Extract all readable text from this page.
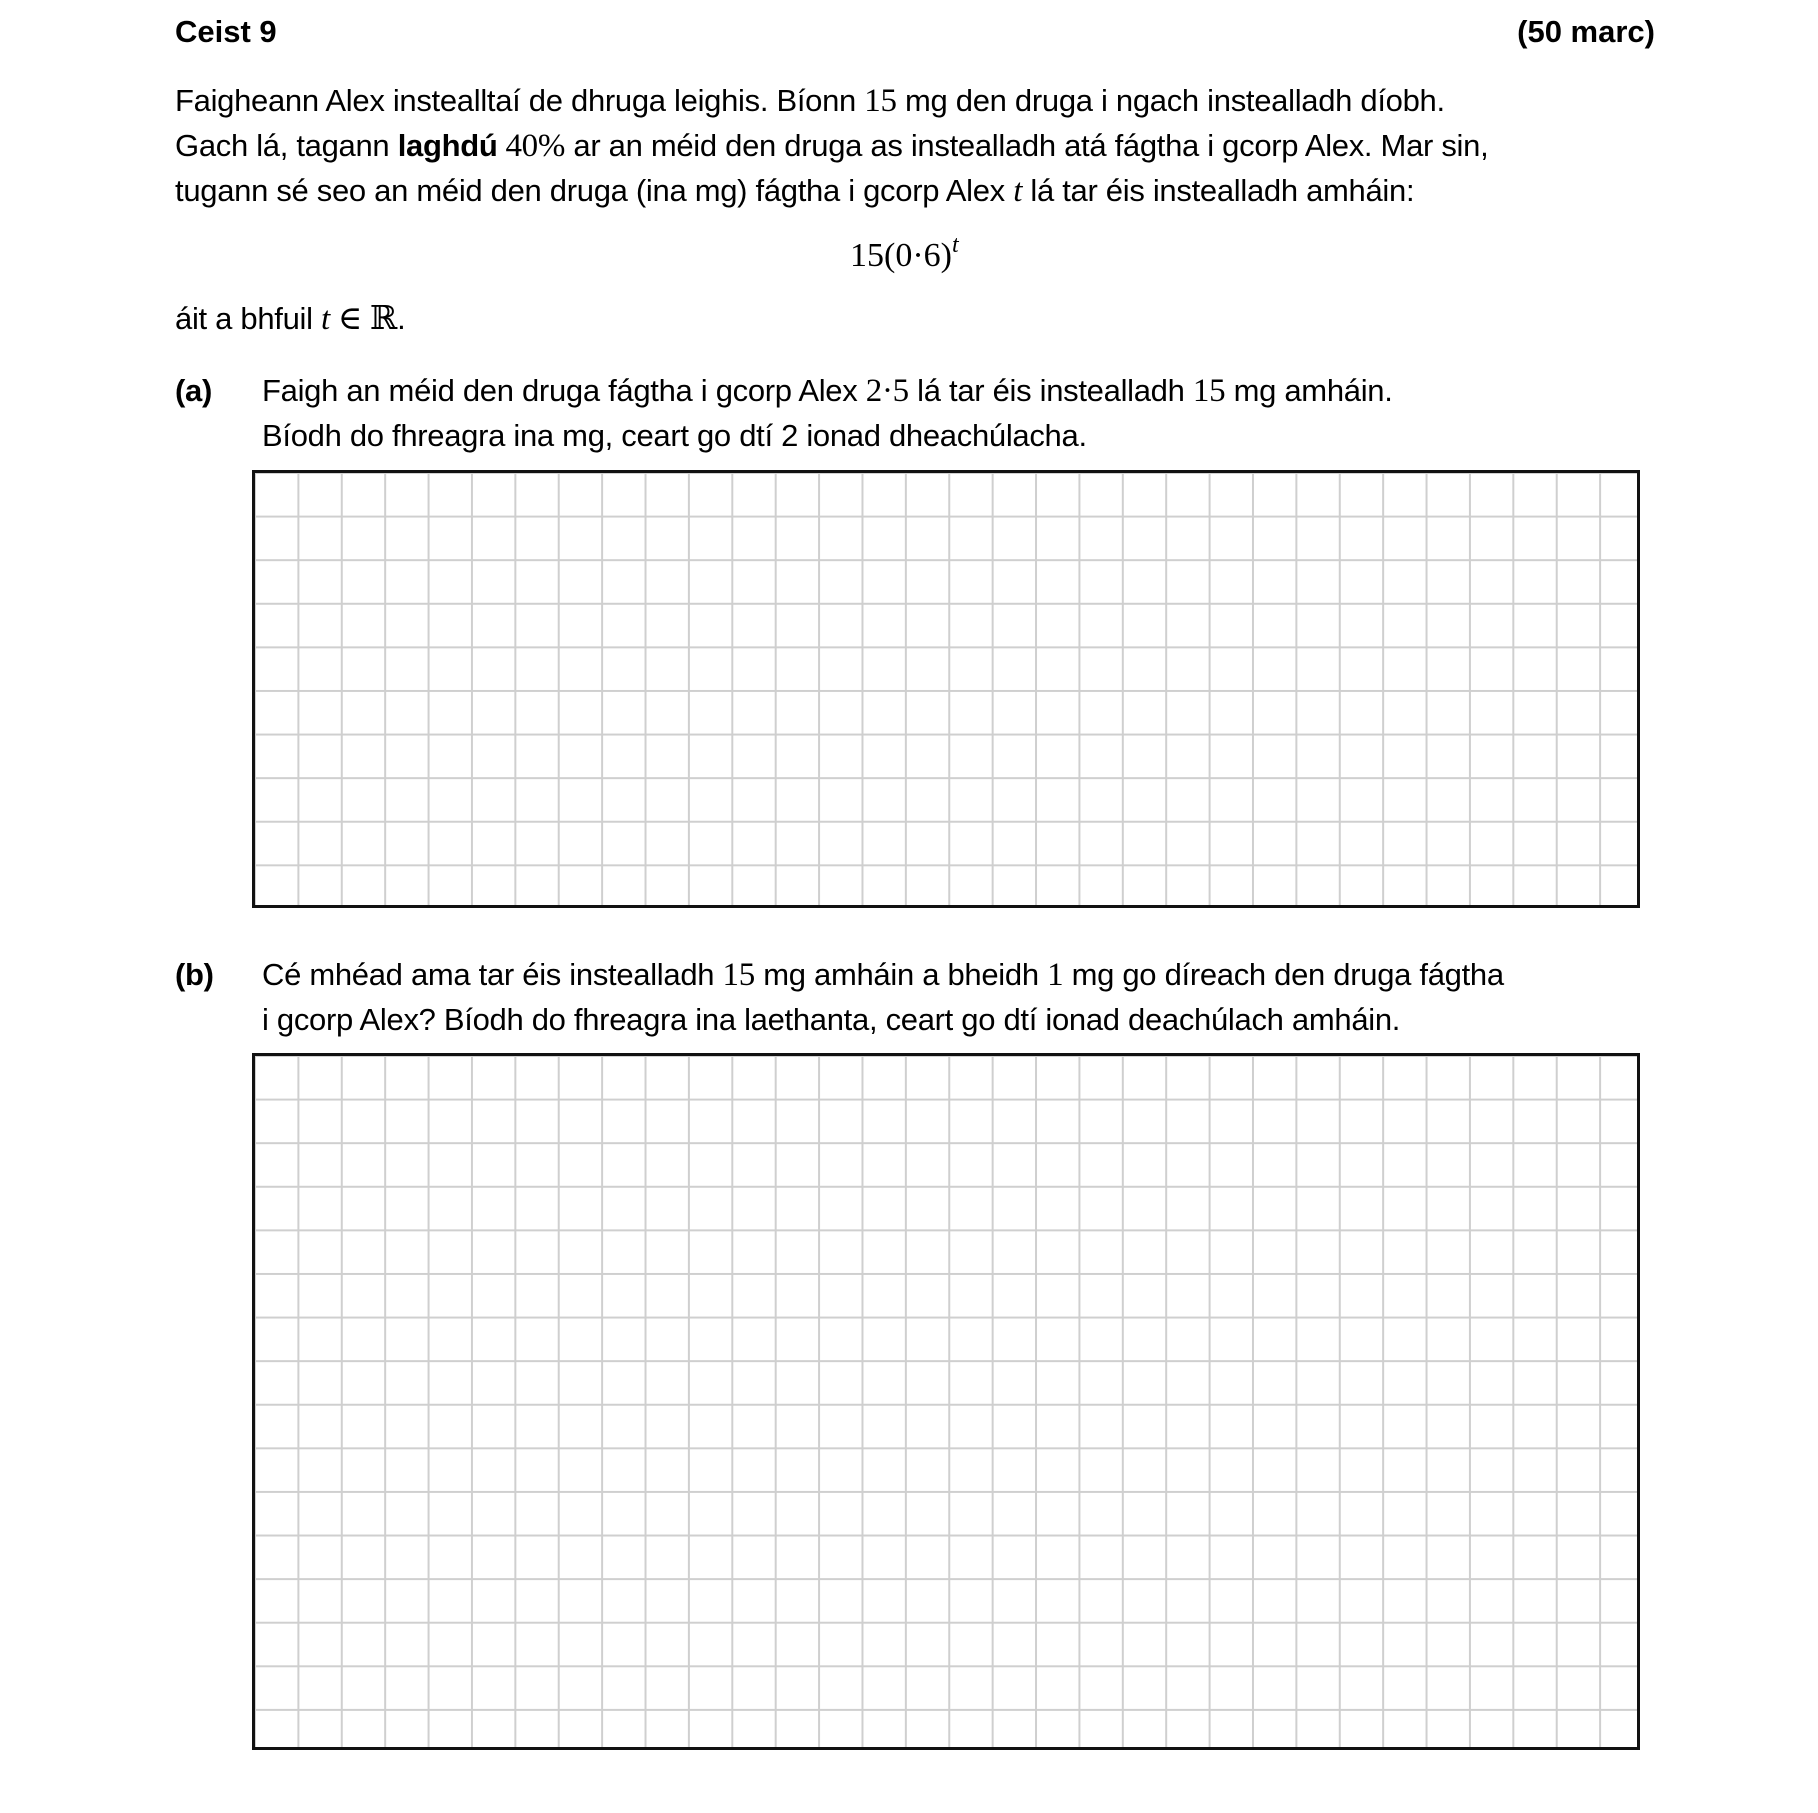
Ceist 9	(50 marc)
Faigheann Alex instealltaí de dhruga leighis. Bíonn 15 mg den druga i ngach instealladh díobh.
Gach lá, tagann laghdú 40% ar an méid den druga as instealladh atá fágtha i gcorp Alex. Mar sin,
tugann sé seo an méid den druga (ina mg) fágtha i gcorp Alex t lá tar éis instealladh amháin:
$15(0\cdot 6)^t$
áit a bhfuil t ∈ ℝ.
(a) Faigh an méid den druga fágtha i gcorp Alex 2·5 lá tar éis instealladh 15 mg amháin.
Bíodh do fhreagra ina mg, ceart go dtí 2 ionad dheachúlacha.
(b) Cé mhéad ama tar éis instealladh 15 mg amháin a bheidh 1 mg go díreach den druga fágtha
i gcorp Alex? Bíodh do fhreagra ina laethanta, ceart go dtí ionad deachúlach amháin.
